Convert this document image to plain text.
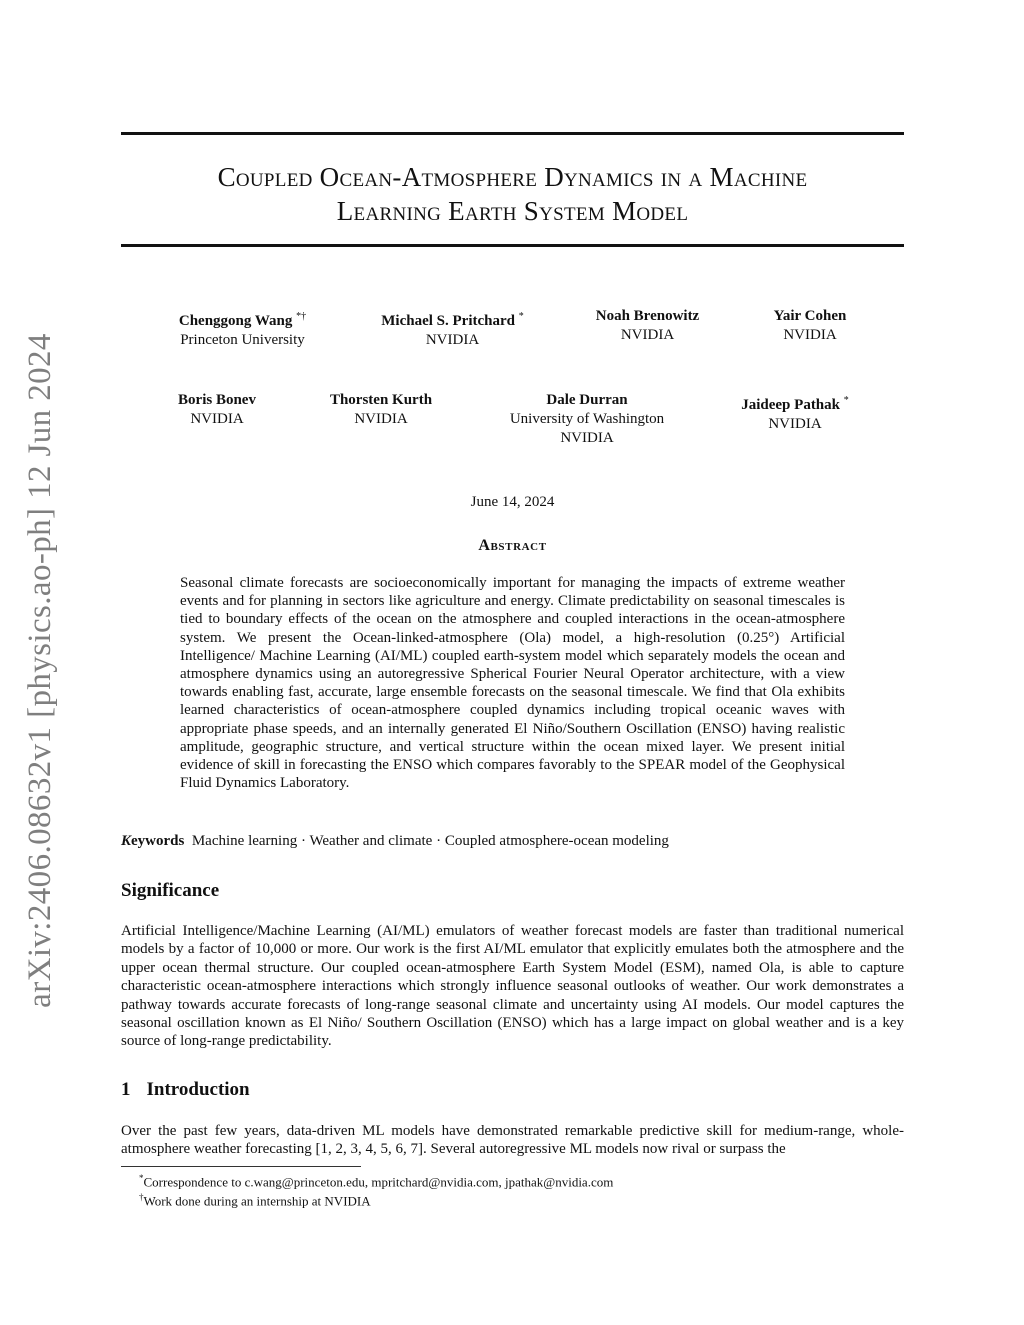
arXiv:2406.08632v1 [physics.ao-ph] 12 Jun 2024
Coupled Ocean-Atmosphere Dynamics in a Machine
Learning Earth System Model
Chenggong Wang *†
Princeton University
Michael S. Pritchard *
NVIDIA
Noah Brenowitz
NVIDIA
Yair Cohen
NVIDIA
Boris Bonev
NVIDIA
Thorsten Kurth
NVIDIA
Dale Durran
University of Washington
NVIDIA
Jaideep Pathak *
NVIDIA
June 14, 2024
Abstract

Seasonal climate forecasts are socioeconomically important for managing the impacts of extreme weather events and for planning in sectors like agriculture and energy. Climate predictability on seasonal timescales is tied to boundary effects of the ocean on the atmosphere and coupled interactions in the ocean-atmosphere system. We present the Ocean-linked-atmosphere (Ola) model, a high-resolution (0.25°) Artificial Intelligence/ Machine Learning (AI/ML) coupled earth-system model which separately models the ocean and atmosphere dynamics using an autoregressive Spherical Fourier Neural Operator architecture, with a view towards enabling fast, accurate, large ensemble forecasts on the seasonal timescale. We find that Ola exhibits learned characteristics of ocean-atmosphere coupled dynamics including tropical oceanic waves with appropriate phase speeds, and an internally generated El Niño/Southern Oscillation (ENSO) having realistic amplitude, geographic structure, and vertical structure within the ocean mixed layer. We present initial evidence of skill in forecasting the ENSO which compares favorably to the SPEAR model of the Geophysical Fluid Dynamics Laboratory.

Keywords Machine learning · Weather and climate · Coupled atmosphere-ocean modeling

Significance

Artificial Intelligence/Machine Learning (AI/ML) emulators of weather forecast models are faster than traditional numerical models by a factor of 10,000 or more. Our work is the first AI/ML emulator that explicitly emulates both the atmosphere and the upper ocean thermal structure. Our coupled ocean-atmosphere Earth System Model (ESM), named Ola, is able to capture characteristic ocean-atmosphere interactions which strongly influence seasonal outlooks of weather. Our work demonstrates a pathway towards accurate forecasts of long-range seasonal climate and uncertainty using AI models. Our model captures the seasonal oscillation known as El Niño/ Southern Oscillation (ENSO) which has a large impact on global weather and is a key source of long-range predictability.

1 Introduction

Over the past few years, data-driven ML models have demonstrated remarkable predictive skill for medium-range, whole-atmosphere weather forecasting [1, 2, 3, 4, 5, 6, 7]. Several autoregressive ML models now rival or surpass the

*Correspondence to c.wang@princeton.edu, mpritchard@nvidia.com, jpathak@nvidia.com

†Work done during an internship at NVIDIA
